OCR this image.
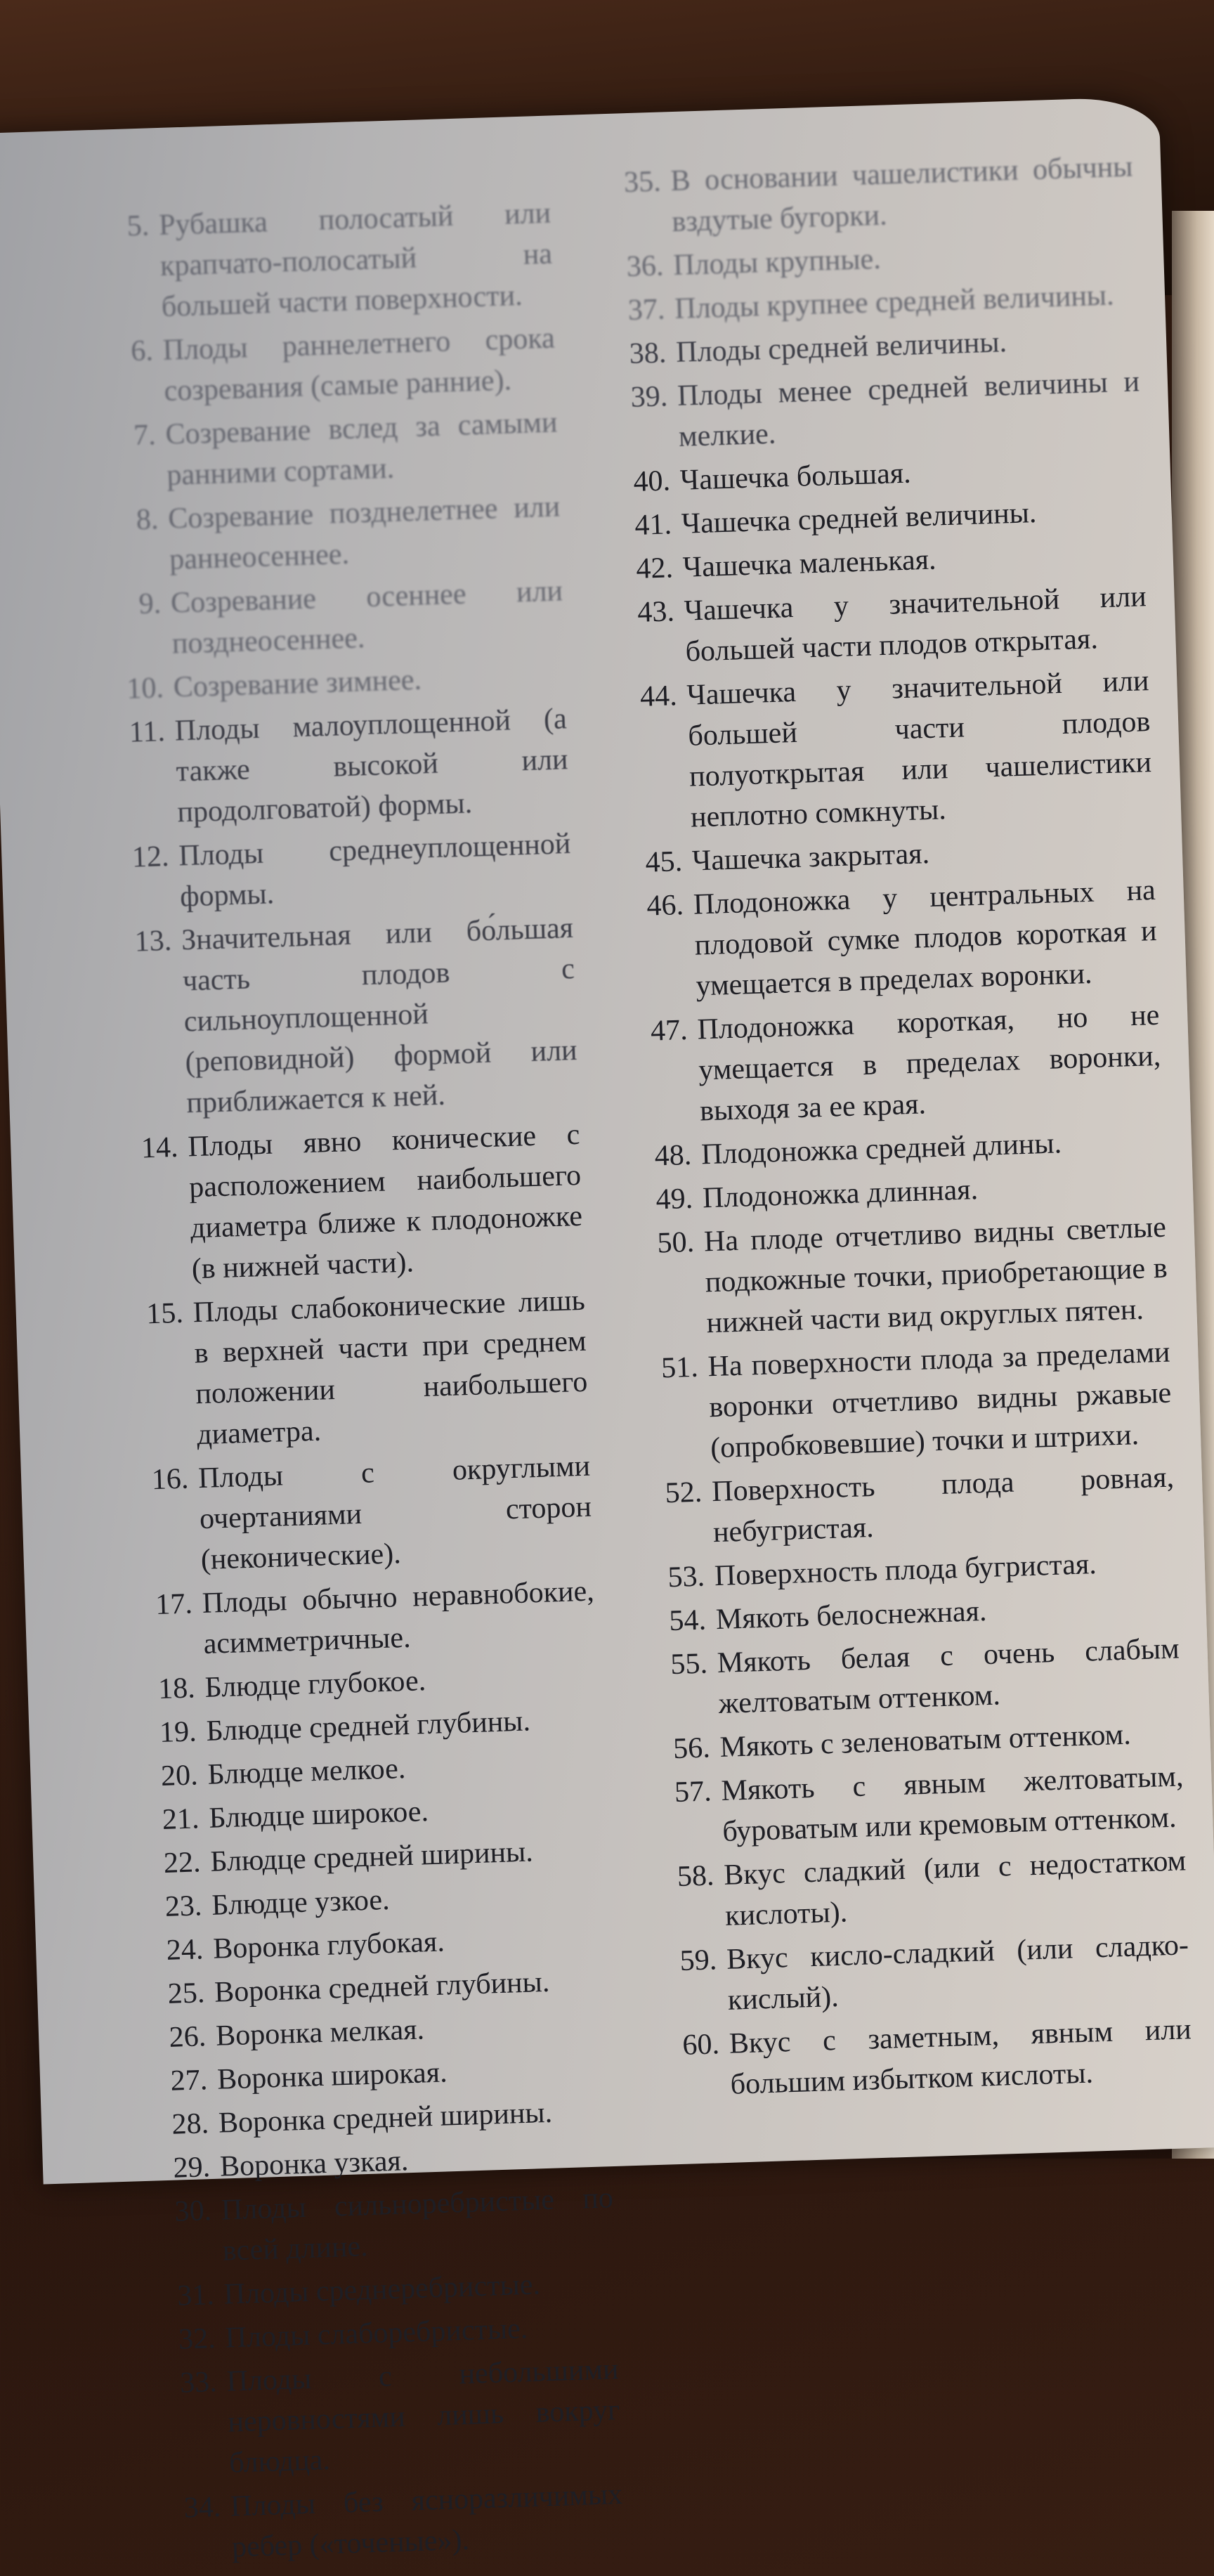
5. Рубашка полосатый или крапчато-полосатый на большей части поверхности.
6. Плоды раннелетнего срока созревания (самые ранние).
7. Созревание вслед за самыми ранними сортами.
8. Созревание позднелетнее или раннеосеннее.
9. Созревание осеннее или позднеосеннее.
10. Созревание зимнее.
11. Плоды малоуплощенной (а также высокой или продолговатой) формы.
12. Плоды среднеуплощенной формы.
13. Значительная или бо́льшая часть плодов с сильноуплощенной (реповидной) формой или приближается к ней.
14. Плоды явно конические с расположением наибольшего диаметра ближе к плодоножке (в нижней части).
15. Плоды слабоконические лишь в верхней части при среднем положении наибольшего диаметра.
16. Плоды с округлыми очертаниями сторон (неконические).
17. Плоды обычно неравнобокие, асимметричные.
18. Блюдце глубокое.
19. Блюдце средней глубины.
20. Блюдце мелкое.
21. Блюдце широкое.
22. Блюдце средней ширины.
23. Блюдце узкое.
24. Воронка глубокая.
25. Воронка средней глубины.
26. Воронка мелкая.
27. Воронка широкая.
28. Воронка средней ширины.
29. Воронка узкая.
30. Плоды сильноребристые по всей длине.
31. Плоды среднеребристые.
32. Плоды слаборебристые.
33. Плоды с небольшими неровностями лишь вокруг блюдца.
34. Плоды без ясноразличимых ребер («точеные»).
35. В основании чашелистики обычны вздутые бугорки.
36. Плоды крупные.
37. Плоды крупнее средней величины.
38. Плоды средней величины.
39. Плоды менее средней величины и мелкие.
40. Чашечка большая.
41. Чашечка средней величины.
42. Чашечка маленькая.
43. Чашечка у значительной или большей части плодов открытая.
44. Чашечка у значительной или большей части плодов полуоткрытая или чашелистики неплотно сомкнуты.
45. Чашечка закрытая.
46. Плодоножка у центральных на плодовой сумке плодов короткая и умещается в пределах воронки.
47. Плодоножка короткая, но не умещается в пределах воронки, выходя за ее края.
48. Плодоножка средней длины.
49. Плодоножка длинная.
50. На плоде отчетливо видны светлые подкожные точки, приобретающие в нижней части вид округлых пятен.
51. На поверхности плода за пределами воронки отчетливо видны ржавые (опробковевшие) точки и штрихи.
52. Поверхность плода ровная, небугристая.
53. Поверхность плода бугристая.
54. Мякоть белоснежная.
55. Мякоть белая с очень слабым желтоватым оттенком.
56. Мякоть с зеленоватым оттенком.
57. Мякоть с явным желтоватым, буроватым или кремовым оттенком.
58. Вкус сладкий (или с недостатком кислоты).
59. Вкус кисло-сладкий (или сладко-кислый).
60. Вкус с заметным, явным или большим избытком кислоты.
